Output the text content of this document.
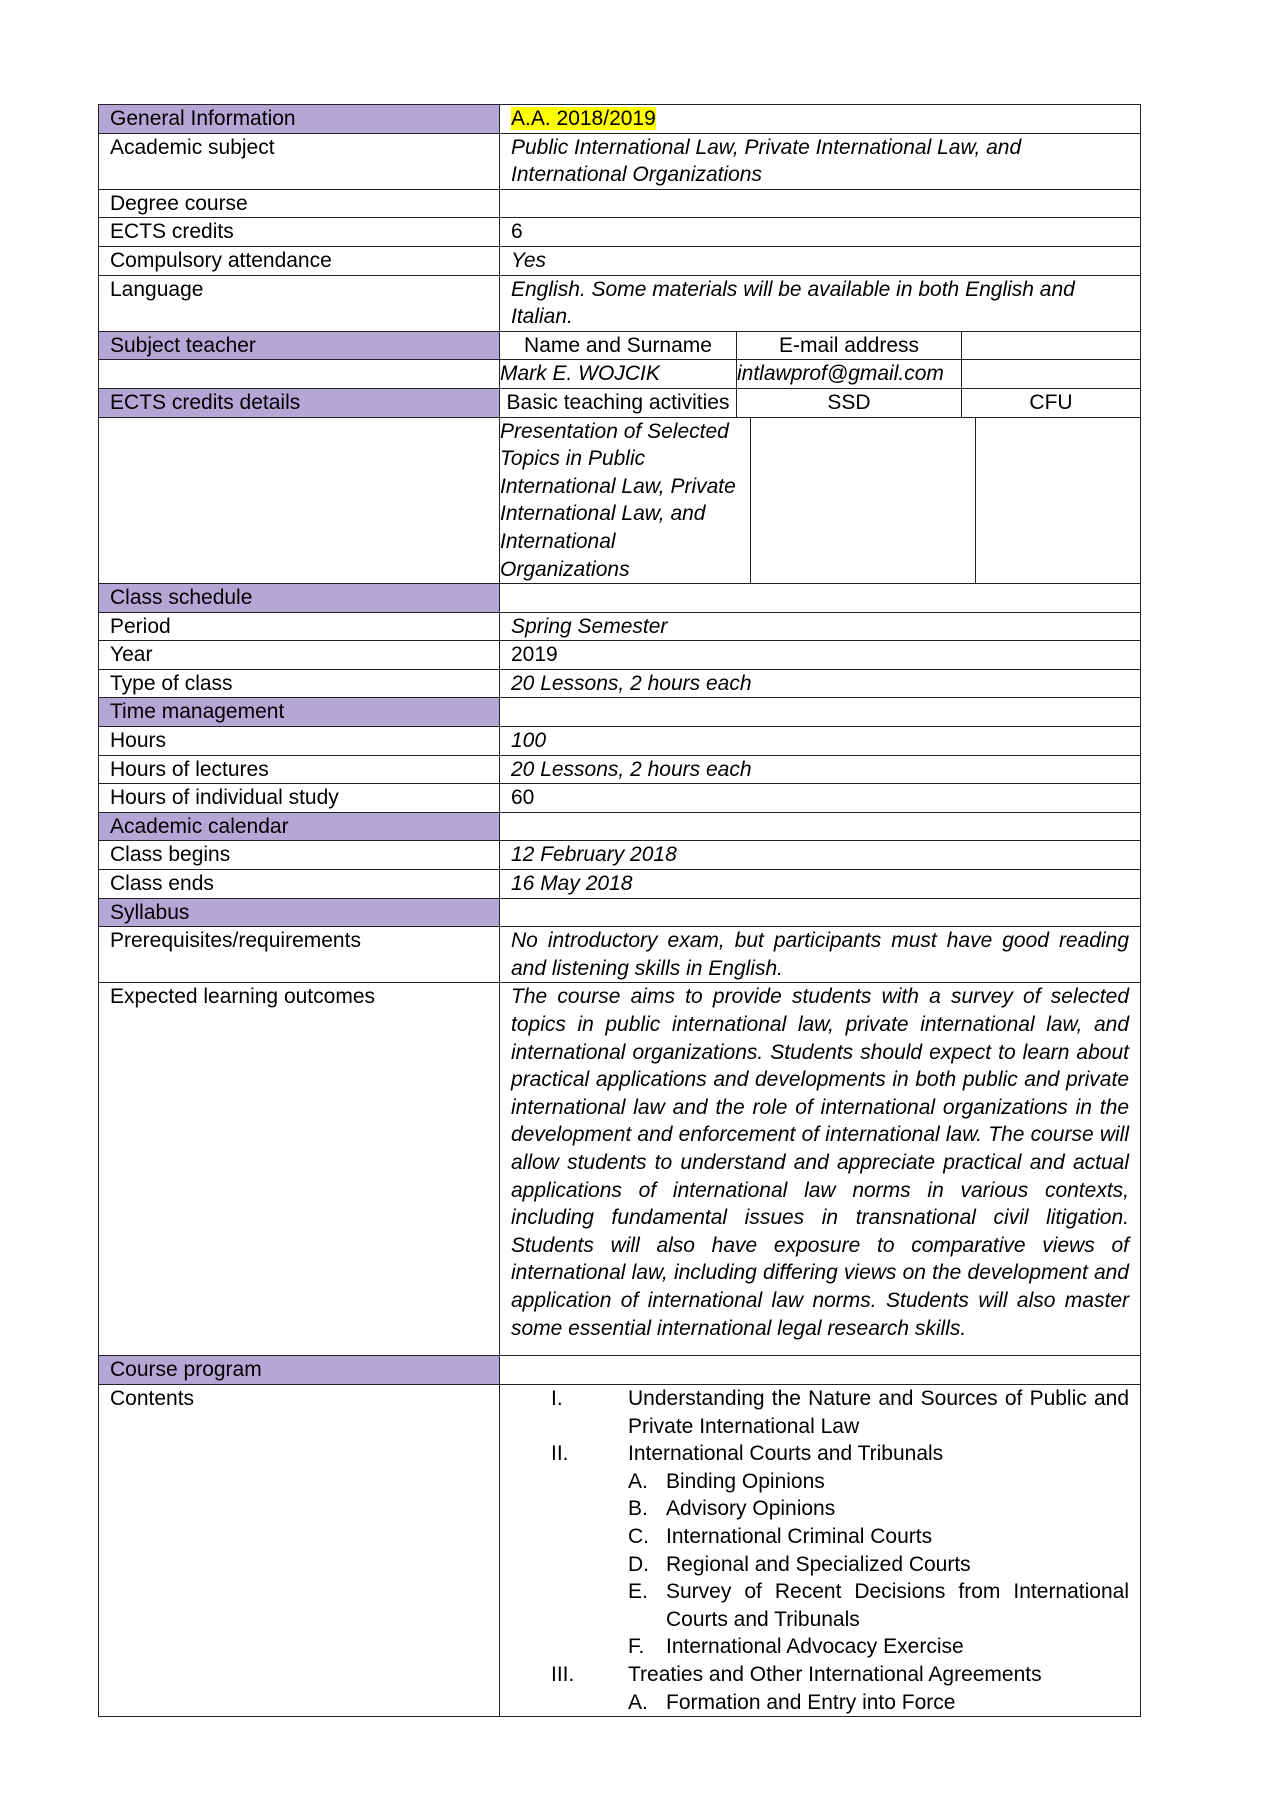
General Information	A.A. 2018/2019
Academic subject	Public International Law, Private International Law, and International Organizations
Degree course	
ECTS credits	6
Compulsory attendance	Yes
Language	English. Some materials will be available in both English and Italian.
Subject teacher		Name and Surname	E-mail address	

Mark E. WOJCIK	intlawprof@gmail.com	

ECTS credits details		Basic teaching activities	SSD	CFU

Presentation of Selected Topics in Public International Law, Private International Law, and International Organizations		

Class schedule	
Period	Spring Semester
Year	2019
Type of class	20 Lessons, 2 hours each
Time management	
Hours	100
Hours of lectures	20 Lessons, 2 hours each
Hours of individual study	60
Academic calendar	
Class begins	12 February 2018
Class ends	16 May 2018
Syllabus	
Prerequisites/requirements	No introductory exam, but participants must have good reading and listening skills in English.
Expected learning outcomes	The course aims to provide students with a survey of selected topics in public international law, private international law, and international organizations. Students should expect to learn about practical applications and developments in both public and private international law and the role of international organizations in the development and enforcement of international law. The course will allow students to understand and appreciate practical and actual applications of international law norms in various contexts, including fundamental issues in transnational civil litigation. Students will also have exposure to comparative views of international law, including differing views on the development and application of international law norms. Students will also master some essential international legal research skills.
Course program	
Contents	I.	Understanding the Nature and Sources of Public and Private International Law
II.	International Courts and Tribunals
A. Binding Opinions
B. Advisory Opinions
C. International Criminal Courts
D. Regional and Specialized Courts
E. Survey of Recent Decisions from International Courts and Tribunals
F.	International Advocacy Exercise
III.	Treaties and Other International Agreements
A. Formation and Entry into Force
